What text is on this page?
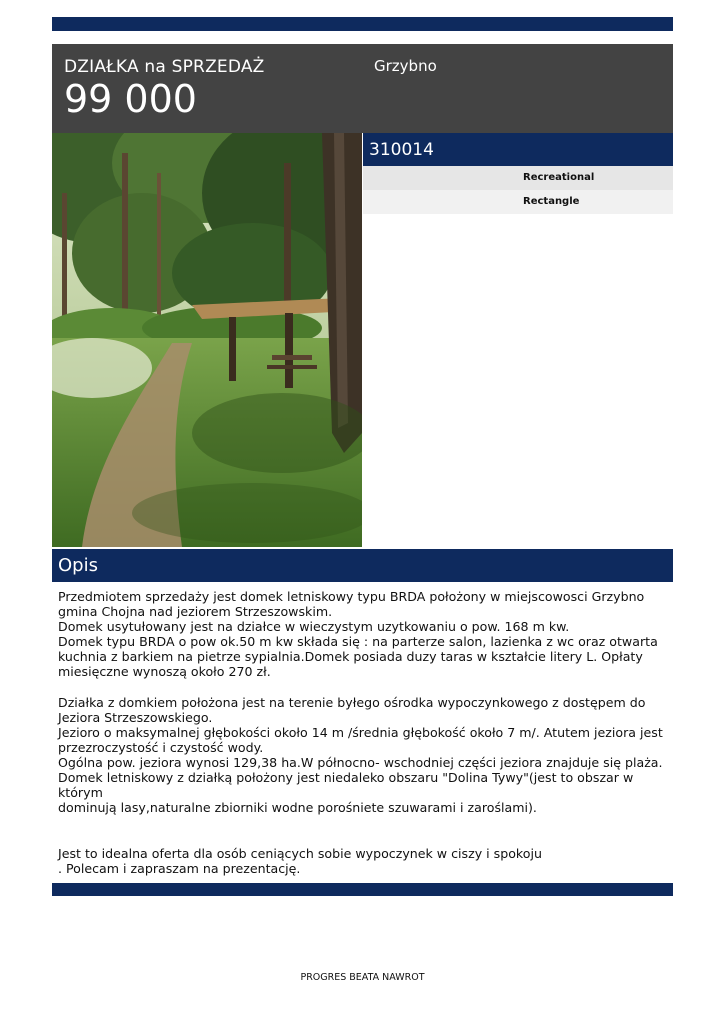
DZIAŁKA na SPRZEDAŻ
99 000
Grzybno
310014
Recreational
Rectangle
Opis
Przedmiotem sprzedaży jest domek letniskowy typu BRDA położony w miejscowosci Grzybno
gmina Chojna nad jeziorem Strzeszowskim.
Domek usytułowany jest na działce w wieczystym uzytkowaniu o pow. 168 m kw.
Domek typu BRDA o pow ok.50 m kw składa się : na parterze salon, lazienka z wc oraz otwarta
kuchnia z barkiem na pietrze sypialnia.Domek posiada duzy taras w kształcie litery L. Opłaty
miesięczne wynoszą około 270 zł.

Działka z domkiem położona jest na terenie byłego ośrodka wypoczynkowego z dostępem do
Jeziora Strzeszowskiego.
Jezioro o maksymalnej głębokości około 14 m /średnia głębokość około 7 m/. Atutem jeziora jest
przezroczystość i czystość wody.
Ogólna pow. jeziora wynosi 129,38 ha.W północno- wschodniej części jeziora znajduje się plaża.
Domek letniskowy z działką położony jest niedaleko obszaru "Dolina Tywy"(jest to obszar w którym
dominują lasy,naturalne zbiorniki wodne porośniete szuwarami i zaroślami).

Jest to idealna oferta dla osób ceniących sobie wypoczynek w ciszy i spokoju
. Polecam i zapraszam na prezentację.
PROGRES BEATA NAWROT
